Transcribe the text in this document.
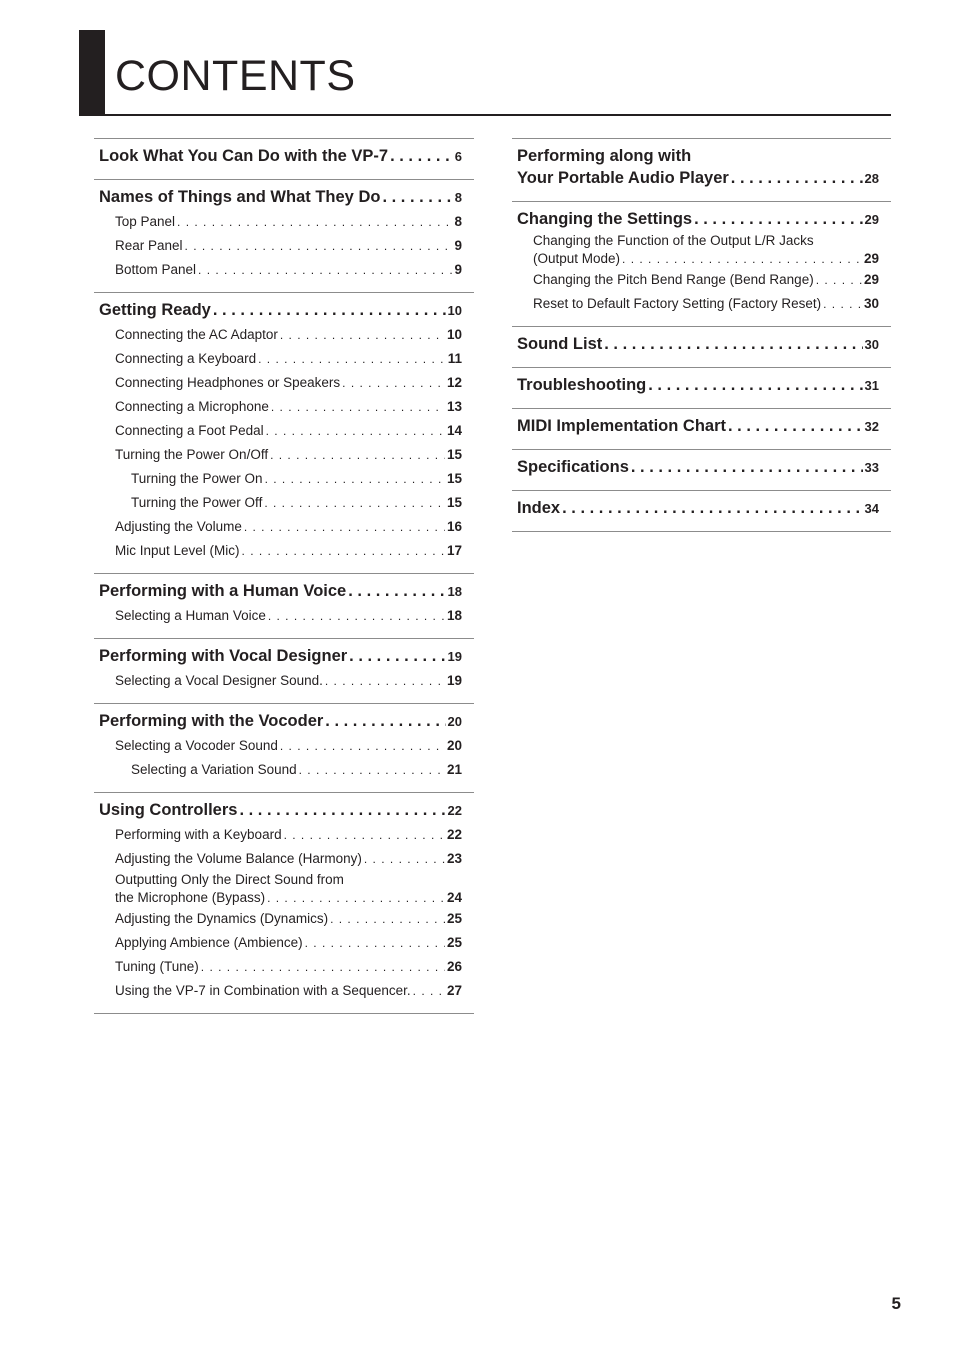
CONTENTS
Look What You Can Do with the VP-7 . . .	6
Names of Things and What They Do . . .	8
Top Panel . . .	8
Rear Panel . . .	9
Bottom Panel . . .	9
Getting Ready . . .	10
Connecting the AC Adaptor . . .	10
Connecting a Keyboard . . .	11
Connecting Headphones or Speakers . . .	12
Connecting a Microphone . . .	13
Connecting a Foot Pedal . . .	14
Turning the Power On/Off . . .	15
Turning the Power On . . .	15
Turning the Power Off . . .	15
Adjusting the Volume . . .	16
Mic Input Level (Mic) . . .	17
Performing with a Human Voice . . .	18
Selecting a Human Voice . . .	18
Performing with Vocal Designer . . .	19
Selecting a Vocal Designer Sound. . . .	19
Performing with the Vocoder . . .	20
Selecting a Vocoder Sound . . .	20
Selecting a Variation Sound . . .	21
Using Controllers . . .	22
Performing with a Keyboard . . .	22
Adjusting the Volume Balance (Harmony) . . .	23
Outputting Only the Direct Sound from
the Microphone (Bypass) . . .	24
Adjusting the Dynamics (Dynamics) . . .	25
Applying Ambience (Ambience) . . .	25
Tuning (Tune) . . .	26
Using the VP-7 in Combination with a Sequencer. . . .	27
Performing along with
Your Portable Audio Player . . .	28
Changing the Settings . . .	29
Changing the Function of the Output L/R Jacks
(Output Mode) . . .	29
Changing the Pitch Bend Range (Bend Range) . . .	29
Reset to Default Factory Setting (Factory Reset) . . .	30
Sound List . . .	30
Troubleshooting . . .	31
MIDI Implementation Chart . . .	32
Specifications . . .	33
Index . . .	34
5
